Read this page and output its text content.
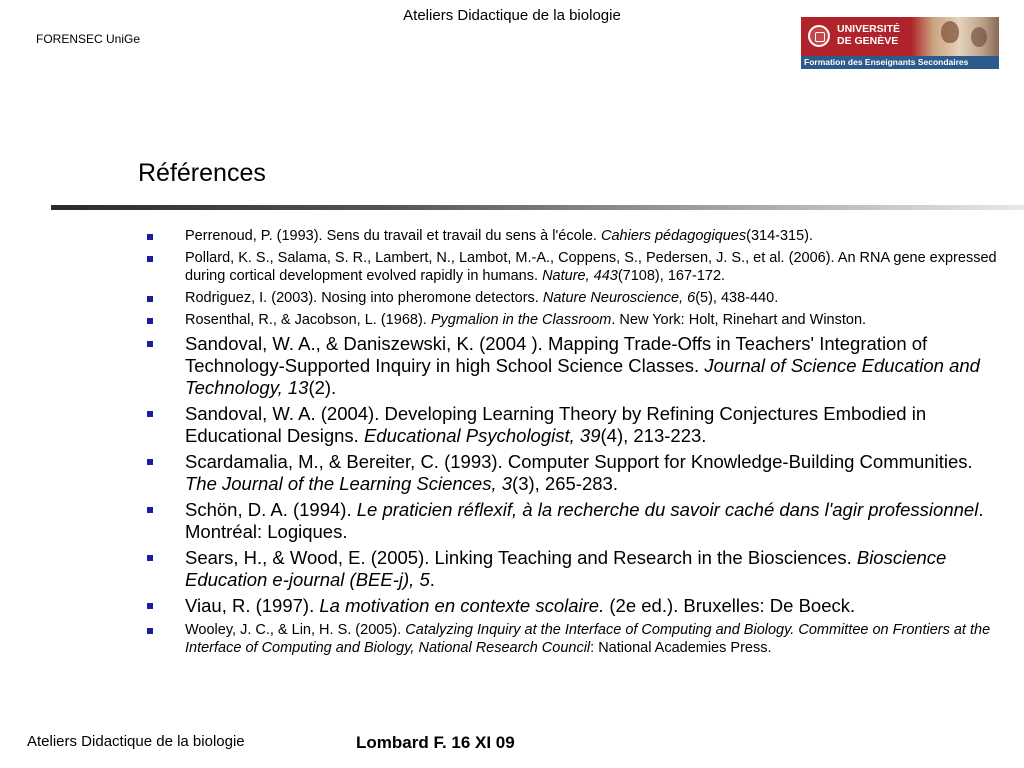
Ateliers Didactique de la biologie
FORENSEC UniGe
UNIVERSITÉ
DE GENÈVE
Formation des Enseignants Secondaires
Références
Perrenoud, P. (1993). Sens du travail et travail du sens à l'école. Cahiers pédagogiques(314-315).
Pollard, K. S., Salama, S. R., Lambert, N., Lambot, M.-A., Coppens, S., Pedersen, J. S., et al. (2006). An RNA gene expressed during cortical development evolved rapidly in humans. Nature, 443(7108), 167-172.
Rodriguez, I. (2003). Nosing into pheromone detectors. Nature Neuroscience, 6(5), 438-440.
Rosenthal, R., & Jacobson, L. (1968). Pygmalion in the Classroom. New York: Holt, Rinehart and Winston.
Sandoval, W. A., & Daniszewski, K. (2004 ). Mapping Trade-Offs in Teachers' Integration of Technology-Supported Inquiry in high School Science Classes. Journal of Science Education and Technology, 13(2).
Sandoval, W. A. (2004). Developing Learning Theory by Refining Conjectures Embodied in Educational Designs. Educational Psychologist, 39(4), 213-223.
Scardamalia, M., & Bereiter, C. (1993). Computer Support for Knowledge-Building Communities. The Journal of the Learning Sciences, 3(3), 265-283.
Schön, D. A. (1994). Le praticien réflexif, à la recherche du savoir caché dans l'agir professionnel. Montréal: Logiques.
Sears, H., & Wood, E. (2005). Linking Teaching and Research in the Biosciences. Bioscience Education e-journal (BEE-j), 5.
Viau, R. (1997). La motivation en contexte scolaire. (2e ed.). Bruxelles: De Boeck.
Wooley, J. C., & Lin, H. S. (2005). Catalyzing Inquiry at the Interface of Computing and Biology. Committee on Frontiers at the Interface of Computing and Biology, National Research Council: National Academies Press.
Ateliers Didactique de la biologie	Lombard F. 16 XI 09
